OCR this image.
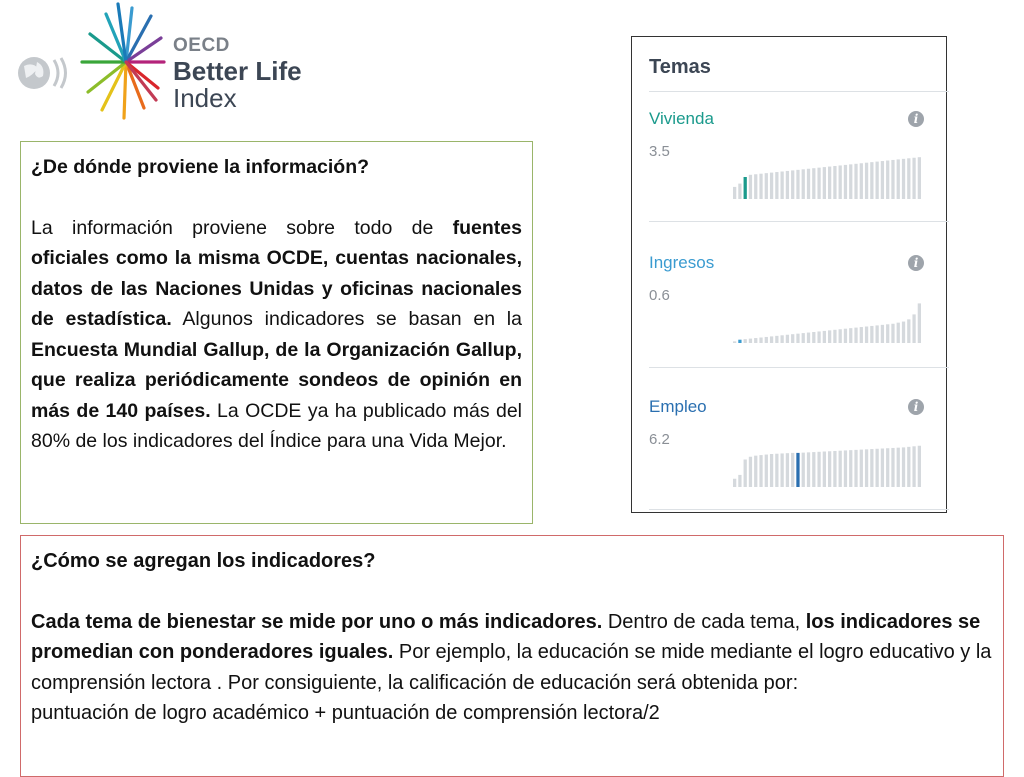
OECD
Better Life
Index

¿De dónde proviene la información?

La información proviene sobre todo de fuentes oficiales como la misma OCDE, cuentas nacionales, datos de las Naciones Unidas y oficinas nacionales de estadística. Algunos indicadores se basan en la Encuesta Mundial Gallup, de la Organización Gallup, que realiza periódicamente sondeos de opinión en más de 140 países. La OCDE ya ha publicado más del 80% de los indicadores del Índice para una Vida Mejor.

Temas
Vivienda
3.5
i
Ingresos
0.6
i
Empleo
6.2
i

¿Cómo se agregan los indicadores?

Cada tema de bienestar se mide por uno o más indicadores. Dentro de cada tema, los indicadores se promedian con ponderadores iguales. Por ejemplo, la educación se mide mediante el logro educativo y la comprensión lectora . Por consiguiente, la calificación de educación será obtenida por:

puntuación de logro académico + puntuación de comprensión lectora/2
